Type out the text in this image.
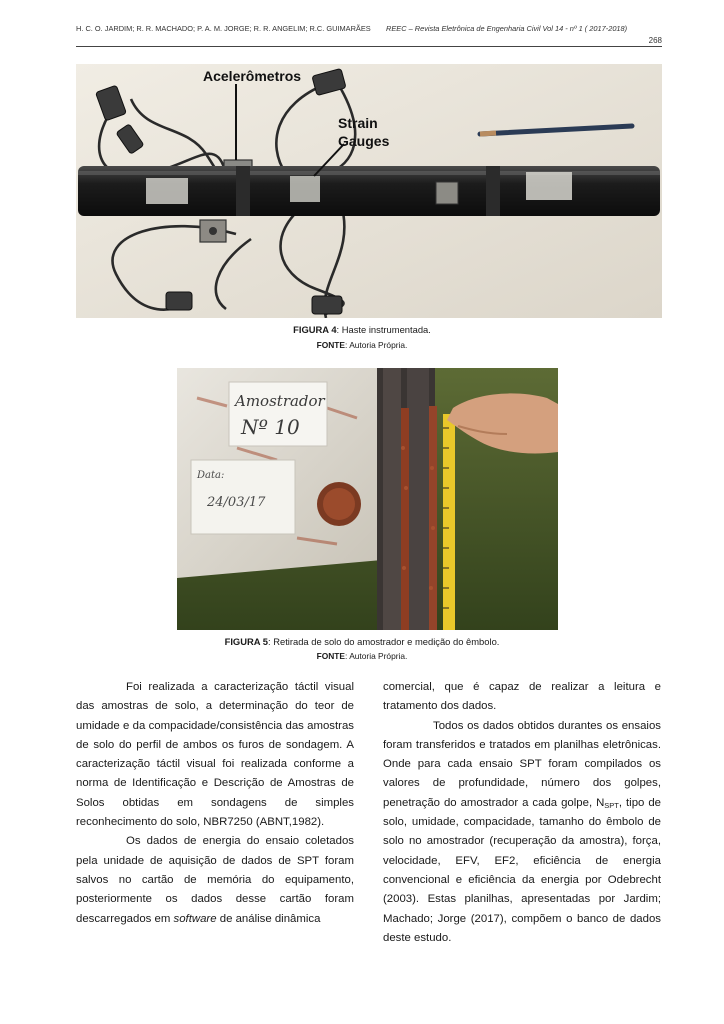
H. C. O. JARDIM; R. R. MACHADO; P. A. M. JORGE; R. R. ANGELIM; R.C. GUIMARÃES REEC – Revista Eletrônica de Engenharia Civil Vol 14 - nº 1 ( 2017-2018)
268
Acelerômetros
Strain
Gauges
FIGURA 4: Haste instrumentada.
FONTE: Autoria Própria.
Amostrador
Nº 10
Data:
24/03/17
FIGURA 5: Retirada de solo do amostrador e medição do êmbolo.
FONTE: Autoria Própria.

Foi realizada a caracterização táctil visual das amostras de solo, a determinação do teor de umidade e da compacidade/consistência das amostras de solo do perfil de ambos os furos de sondagem. A caracterização táctil visual foi realizada conforme a norma de Identificação e Descrição de Amostras de Solos obtidas em sondagens de simples reconhecimento do solo, NBR7250 (ABNT,1982).

Os dados de energia do ensaio coletados pela unidade de aquisição de dados de SPT foram salvos no cartão de memória do equipamento, posteriormente os dados desse cartão foram descarregados em software de análise dinâmica

comercial, que é capaz de realizar a leitura e tratamento dos dados.

Todos os dados obtidos durantes os ensaios foram transferidos e tratados em planilhas eletrônicas. Onde para cada ensaio SPT foram compilados os valores de profundidade, número dos golpes, penetração do amostrador a cada golpe, $N_{SPT}$, tipo de solo, umidade, compacidade, tamanho do êmbolo de solo no amostrador (recuperação da amostra), força, velocidade, EFV, EF2, eficiência de energia convencional e eficiência da energia por Odebrecht (2003). Estas planilhas, apresentadas por Jardim; Machado; Jorge (2017), compõem o banco de dados deste estudo.
